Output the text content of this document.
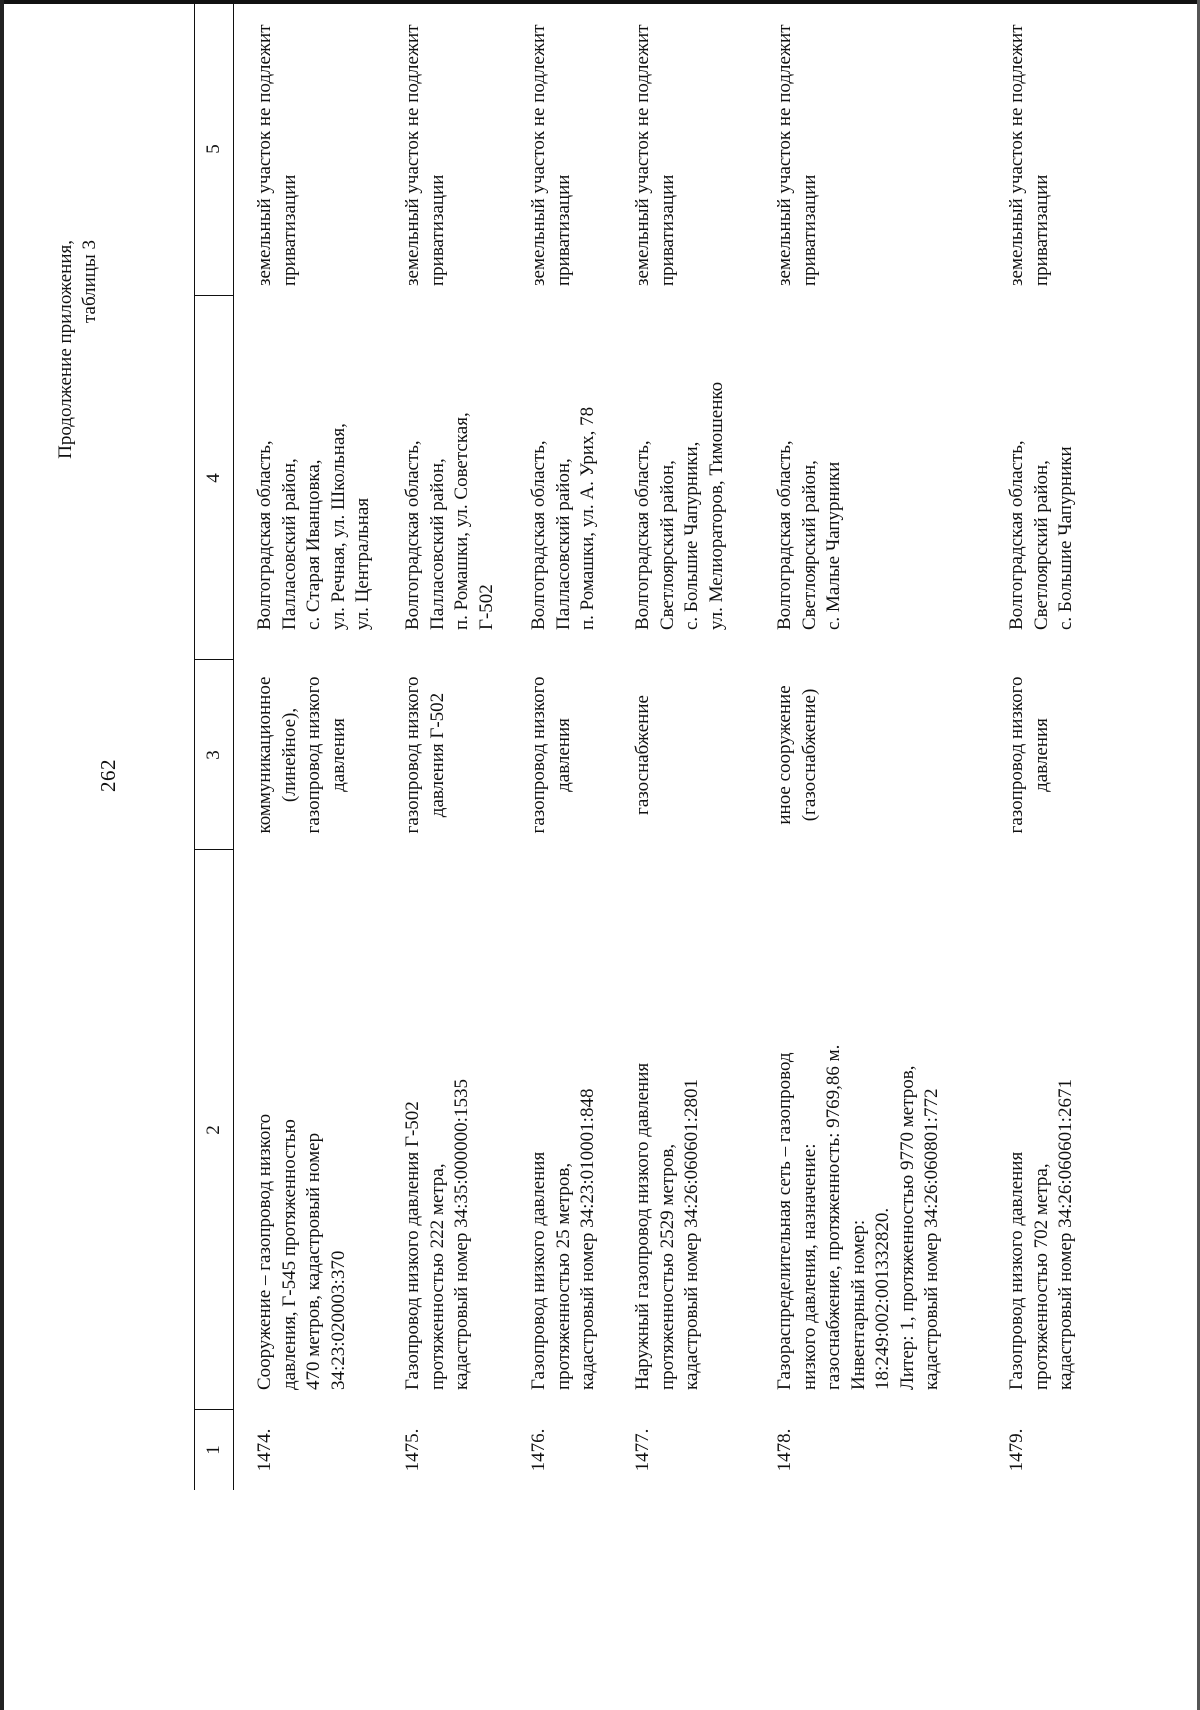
262
Продолжение приложения,
таблицы 3
1
2
3
4
5
1474.
Сооружение – газопровод низкого
давления, Г-545 протяженностью
470 метров, кадастровый номер
34:23:020003:370
коммуникационное
(линейное),
газопровод низкого
давления
Волгоградская область,
Палласовский район,
с. Старая Иванцовка,
ул. Речная, ул. Школьная,
ул. Центральная
земельный участок не подлежит
приватизации
1475.
Газопровод низкого давления Г-502
протяженностью 222 метра,
кадастровый номер 34:35:000000:1535
газопровод низкого
давления Г-502
Волгоградская область,
Палласовский район,
п. Ромашки, ул. Советская,
Г-502
земельный участок не подлежит
приватизации
1476.
Газопровод низкого давления
протяженностью 25 метров,
кадастровый номер 34:23:010001:848
газопровод низкого
давления
Волгоградская область,
Палласовский район,
п. Ромашки, ул. А. Урих, 78
земельный участок не подлежит
приватизации
1477.
Наружный газопровод низкого давления
протяженностью 2529 метров,
кадастровый номер 34:26:060601:2801
газоснабжение
Волгоградская область,
Светлоярский район,
с. Большие Чапурники,
ул. Мелиораторов, Тимошенко
земельный участок не подлежит
приватизации
1478.
Газораспределительная сеть – газопровод
низкого давления, назначение:
газоснабжение, протяженность: 9769,86 м.
Инвентарный номер:
18:249:002:001332820.
Литер: 1, протяженностью 9770 метров,
кадастровый номер 34:26:060801:772
иное сооружение
(газоснабжение)
Волгоградская область,
Светлоярский район,
с. Малые Чапурники
земельный участок не подлежит
приватизации
1479.
Газопровод низкого давления
протяженностью 702 метра,
кадастровый номер 34:26:060601:2671
газопровод низкого
давления
Волгоградская область,
Светлоярский район,
с. Большие Чапурники
земельный участок не подлежит
приватизации
